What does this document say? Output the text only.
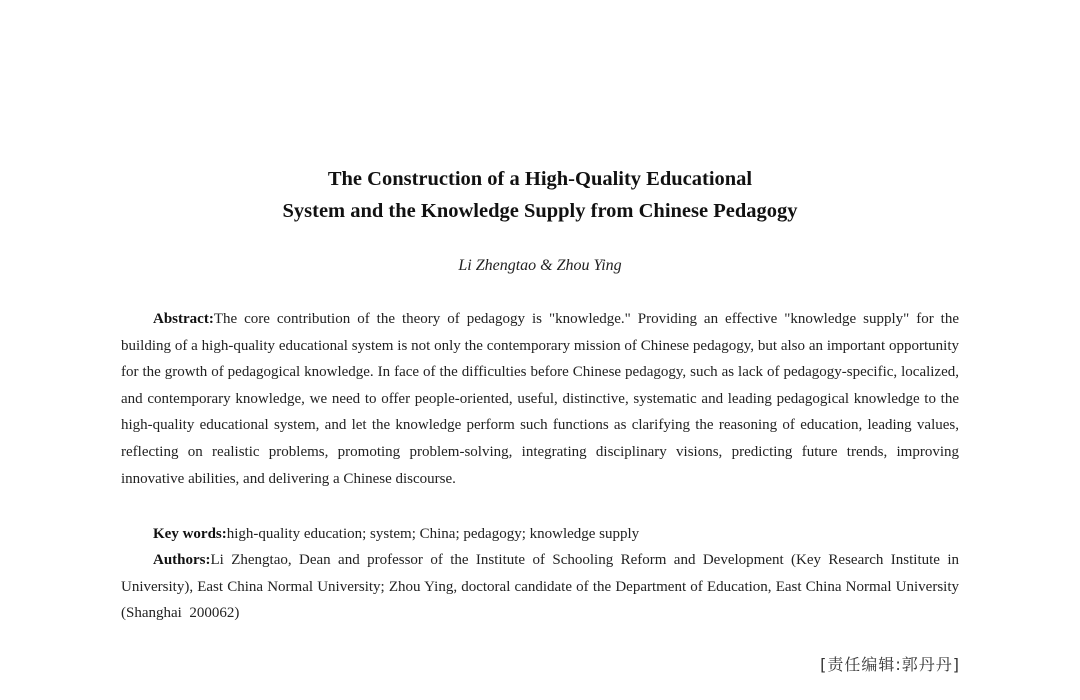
The Construction of a High-Quality Educational
System and the Knowledge Supply from Chinese Pedagogy
Li Zhengtao & Zhou Ying
Abstract:The core contribution of the theory of pedagogy is "knowledge." Providing an effective "knowledge supply" for the building of a high-quality educational system is not only the contemporary mission of Chinese pedagogy, but also an important opportunity for the growth of pedagogical knowledge. In face of the difficulties before Chinese pedagogy, such as lack of pedagogy-specific, localized, and contemporary knowledge, we need to offer people-oriented, useful, distinctive, systematic and leading pedagogical knowledge to the high-quality educational system, and let the knowledge perform such functions as clarifying the reasoning of education, leading values, reflecting on realistic problems, promoting problem-solving, integrating disciplinary visions, predicting future trends, improving innovative abilities, and delivering a Chinese discourse.
Key words:high-quality education; system; China; pedagogy; knowledge supply
Authors:Li Zhengtao, Dean and professor of the Institute of Schooling Reform and Development (Key Research Institute in University), East China Normal University; Zhou Ying, doctoral candidate of the Department of Education, East China Normal University  (Shanghai  200062)
[责任编辑:郭丹丹]
